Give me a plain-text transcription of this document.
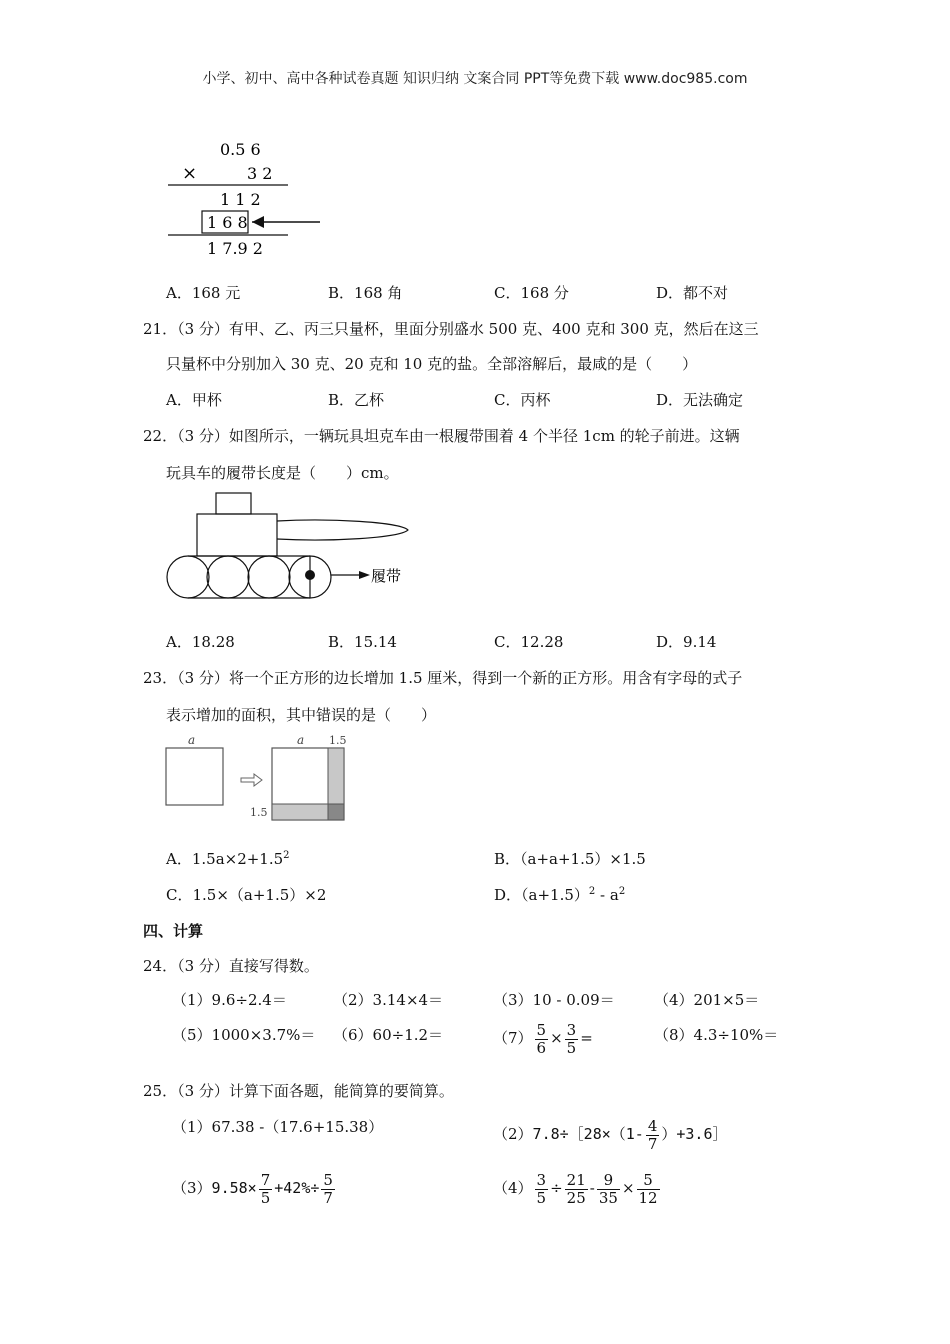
小学、初中、高中各种试卷真题 知识归纳 文案合同 PPT等免费下载 www.doc985.com
0.5 6
×	3 2
1 1 2
1 6 8
1 7.9 2
A．168 元	B．168 角	C．168 分	D．都不对
21．（3 分）有甲、乙、丙三只量杯，里面分别盛水 500 克、400 克和 300 克，然后在这三
只量杯中分别加入 30 克、20 克和 10 克的盐。全部溶解后，最咸的是（　　）
A．甲杯	B．乙杯	C．丙杯	D．无法确定
22．（3 分）如图所示，一辆玩具坦克车由一根履带围着 4 个半径 1cm 的轮子前进。这辆
玩具车的履带长度是（　　）cm。
履带
A．18.28	B．15.14	C．12.28	D．9.14
23．（3 分）将一个正方形的边长增加 1.5 厘米，得到一个新的正方形。用含有字母的式子
表示增加的面积，其中错误的是（　　）
a	a 1.5
1.5
A．$1.5a\times 2+1.5^2$	B．（a+a+1.5）×1.5
C．1.5×（a+1.5）×2	D．$(a+1.5)^2 - a^2$
四、计算
24．（3 分）直接写得数。
（1）9.6÷2.4＝	（2）3.14×4＝	（3）10 - 0.09＝	（4）201×5＝
（5）1000×3.7%＝ （6）60÷1.2＝	$(7) \frac{5}{6} \times \frac{3}{5}$ =	（8）4.3÷10%＝
25．（3 分）计算下面各题，能简算的要简算。
（1）67.38 -（17.6+15.38）	（2）7.8÷［28×（1- $\frac{4}{7}$ ）+3.6］
$(3)9.58\times \frac{7}{5} +42\%\div \frac{5}{7}$	$(4) \frac{3}{5} \div \frac{21}{25} - \frac{9}{35} \times \frac{5}{12}$
